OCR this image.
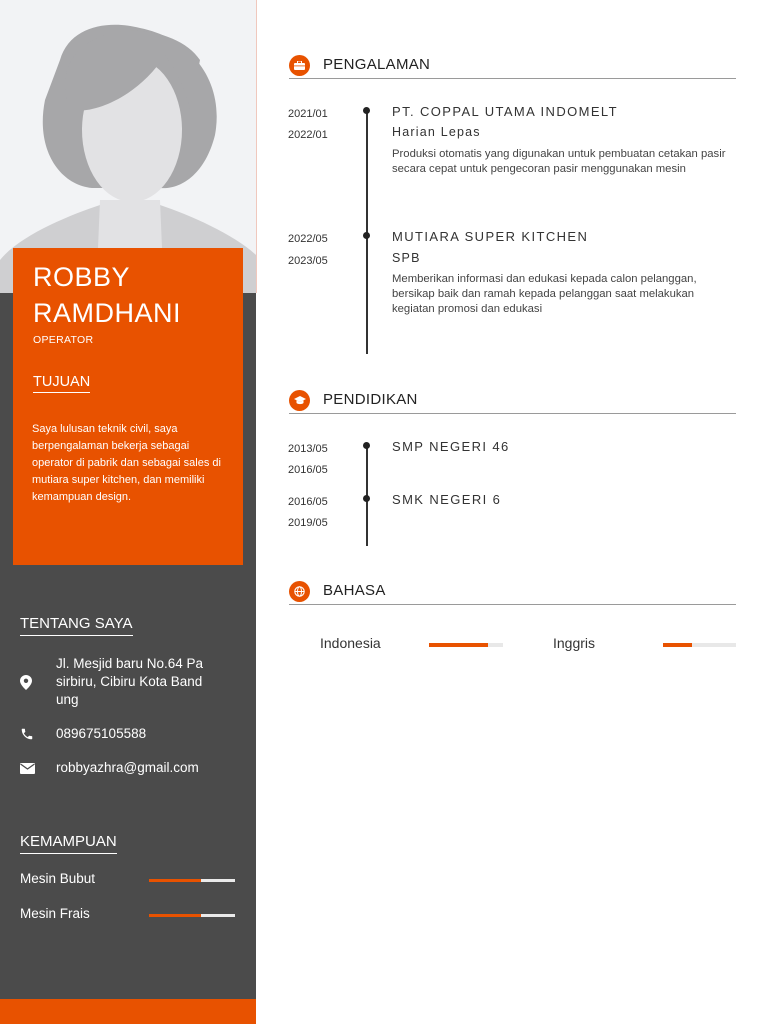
ROBBY
RAMDHANI
OPERATOR
TUJUAN
Saya lulusan teknik civil, saya berpengalaman bekerja sebagai operator di pabrik dan sebagai sales di mutiara super kitchen, dan memiliki kemampuan design.
TENTANG SAYA
Jl. Mesjid baru No.64 Pasirbiru, Cibiru Kota Bandung
089675105588
robbyazhra@gmail.com
KEMAMPUAN
Mesin Bubut
Mesin Frais
PENGALAMAN
2021/01
2022/01
PT. COPPAL UTAMA INDOMELT
Harian Lepas
Produksi otomatis yang digunakan untuk pembuatan cetakan pasir secara cepat untuk pengecoran pasir menggunakan mesin
2022/05
2023/05
MUTIARA SUPER KITCHEN
SPB
Memberikan informasi dan edukasi kepada calon pelanggan, bersikap baik dan ramah kepada pelanggan saat melakukan kegiatan promosi dan edukasi
PENDIDIKAN
2013/05
2016/05
SMP NEGERI 46
2016/05
2019/05
SMK NEGERI 6
BAHASA
Indonesia	Inggris
